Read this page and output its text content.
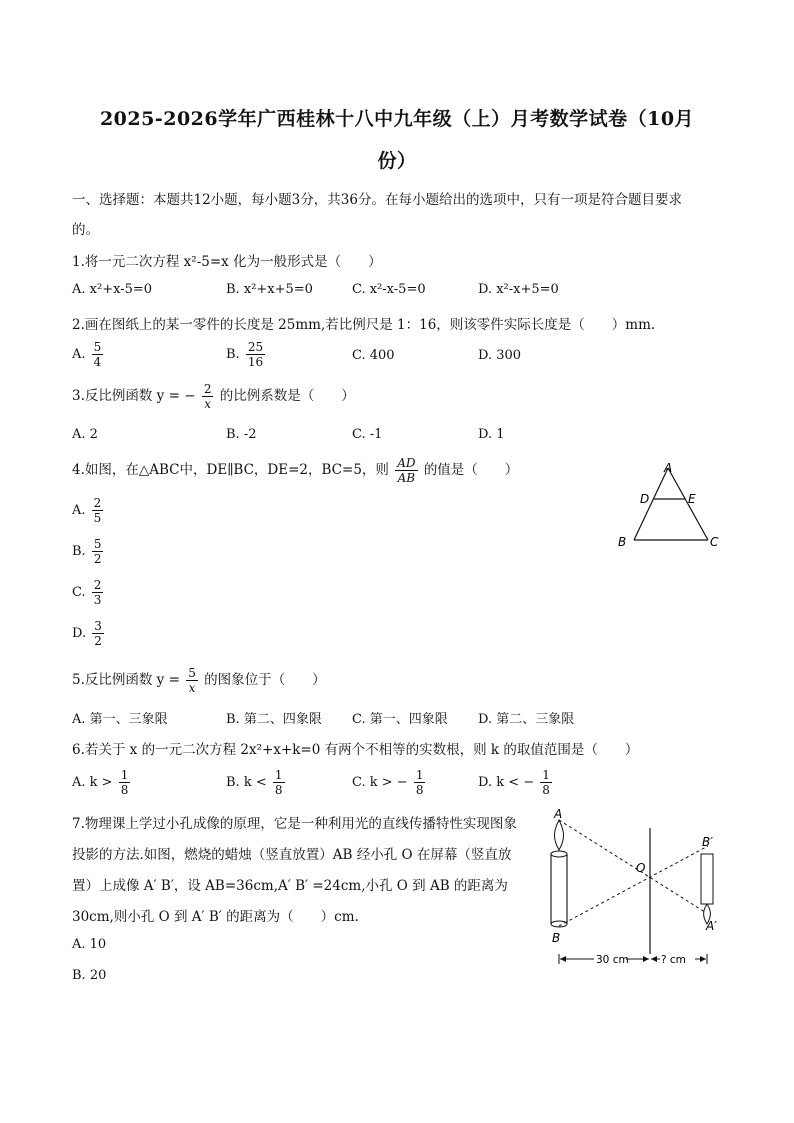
2025-2026学年广西桂林十八中九年级（上）月考数学试卷（10月
份）
一、选择题：本题共12小题，每小题3分，共36分。在每小题给出的选项中，只有一项是符合题目要求
的。
1.将一元二次方程 x²-5=x 化为一般形式是（　　）
A. x²+x-5=0	B. x²+x+5=0	C. x²-x-5=0	D. x²-x+5=0
2.画在图纸上的某一零件的长度是 25mm,若比例尺是 1：16，则该零件实际长度是（　　）mm.
A. $\frac{5}{4}$	B. $\frac{25}{16}$	C. 400	D. 300
3.反比例函数 y = − $\frac{2}{x}$ 的比例系数是（　　）
A. 2	B. -2	C. -1	D. 1
4.如图，在△ABC中，DE∥BC，DE=2，BC=5，则 $\frac{AD}{AB}$ 的值是（　　）
A. $\frac{2}{5}$
B. $\frac{5}{2}$
C. $\frac{2}{3}$
D. $\frac{3}{2}$
A
D	E
B	C
5.反比例函数 $y = \frac{5}{x}$ 的图象位于（　　）
A. 第一、三象限	B. 第二、四象限 C. 第一、四象限 D. 第二、三象限
6.若关于 x 的一元二次方程 2x²+x+k=0 有两个不相等的实数根，则 k 的取值范围是（　　）
A. $k > \frac{1}{8}$	B. $k < \frac{1}{8}$	C. k > − $\frac{1}{8}$	D. k < − $\frac{1}{8}$
7.物理课上学过小孔成像的原理，它是一种利用光的直线传播特性实现图象
投影的方法.如图，燃烧的蜡烛（竖直放置）AB 经小孔 O 在屏幕（竖直放
置）上成像 A′ B′，设 AB=36cm,A′ B′ =24cm,小孔 O 到 AB 的距离为
30cm,则小孔 O 到 A′ B′ 的距离为（　　）cm.
A. 10
B. 20
A
B
O
B′
A′
30 cm	? cm
